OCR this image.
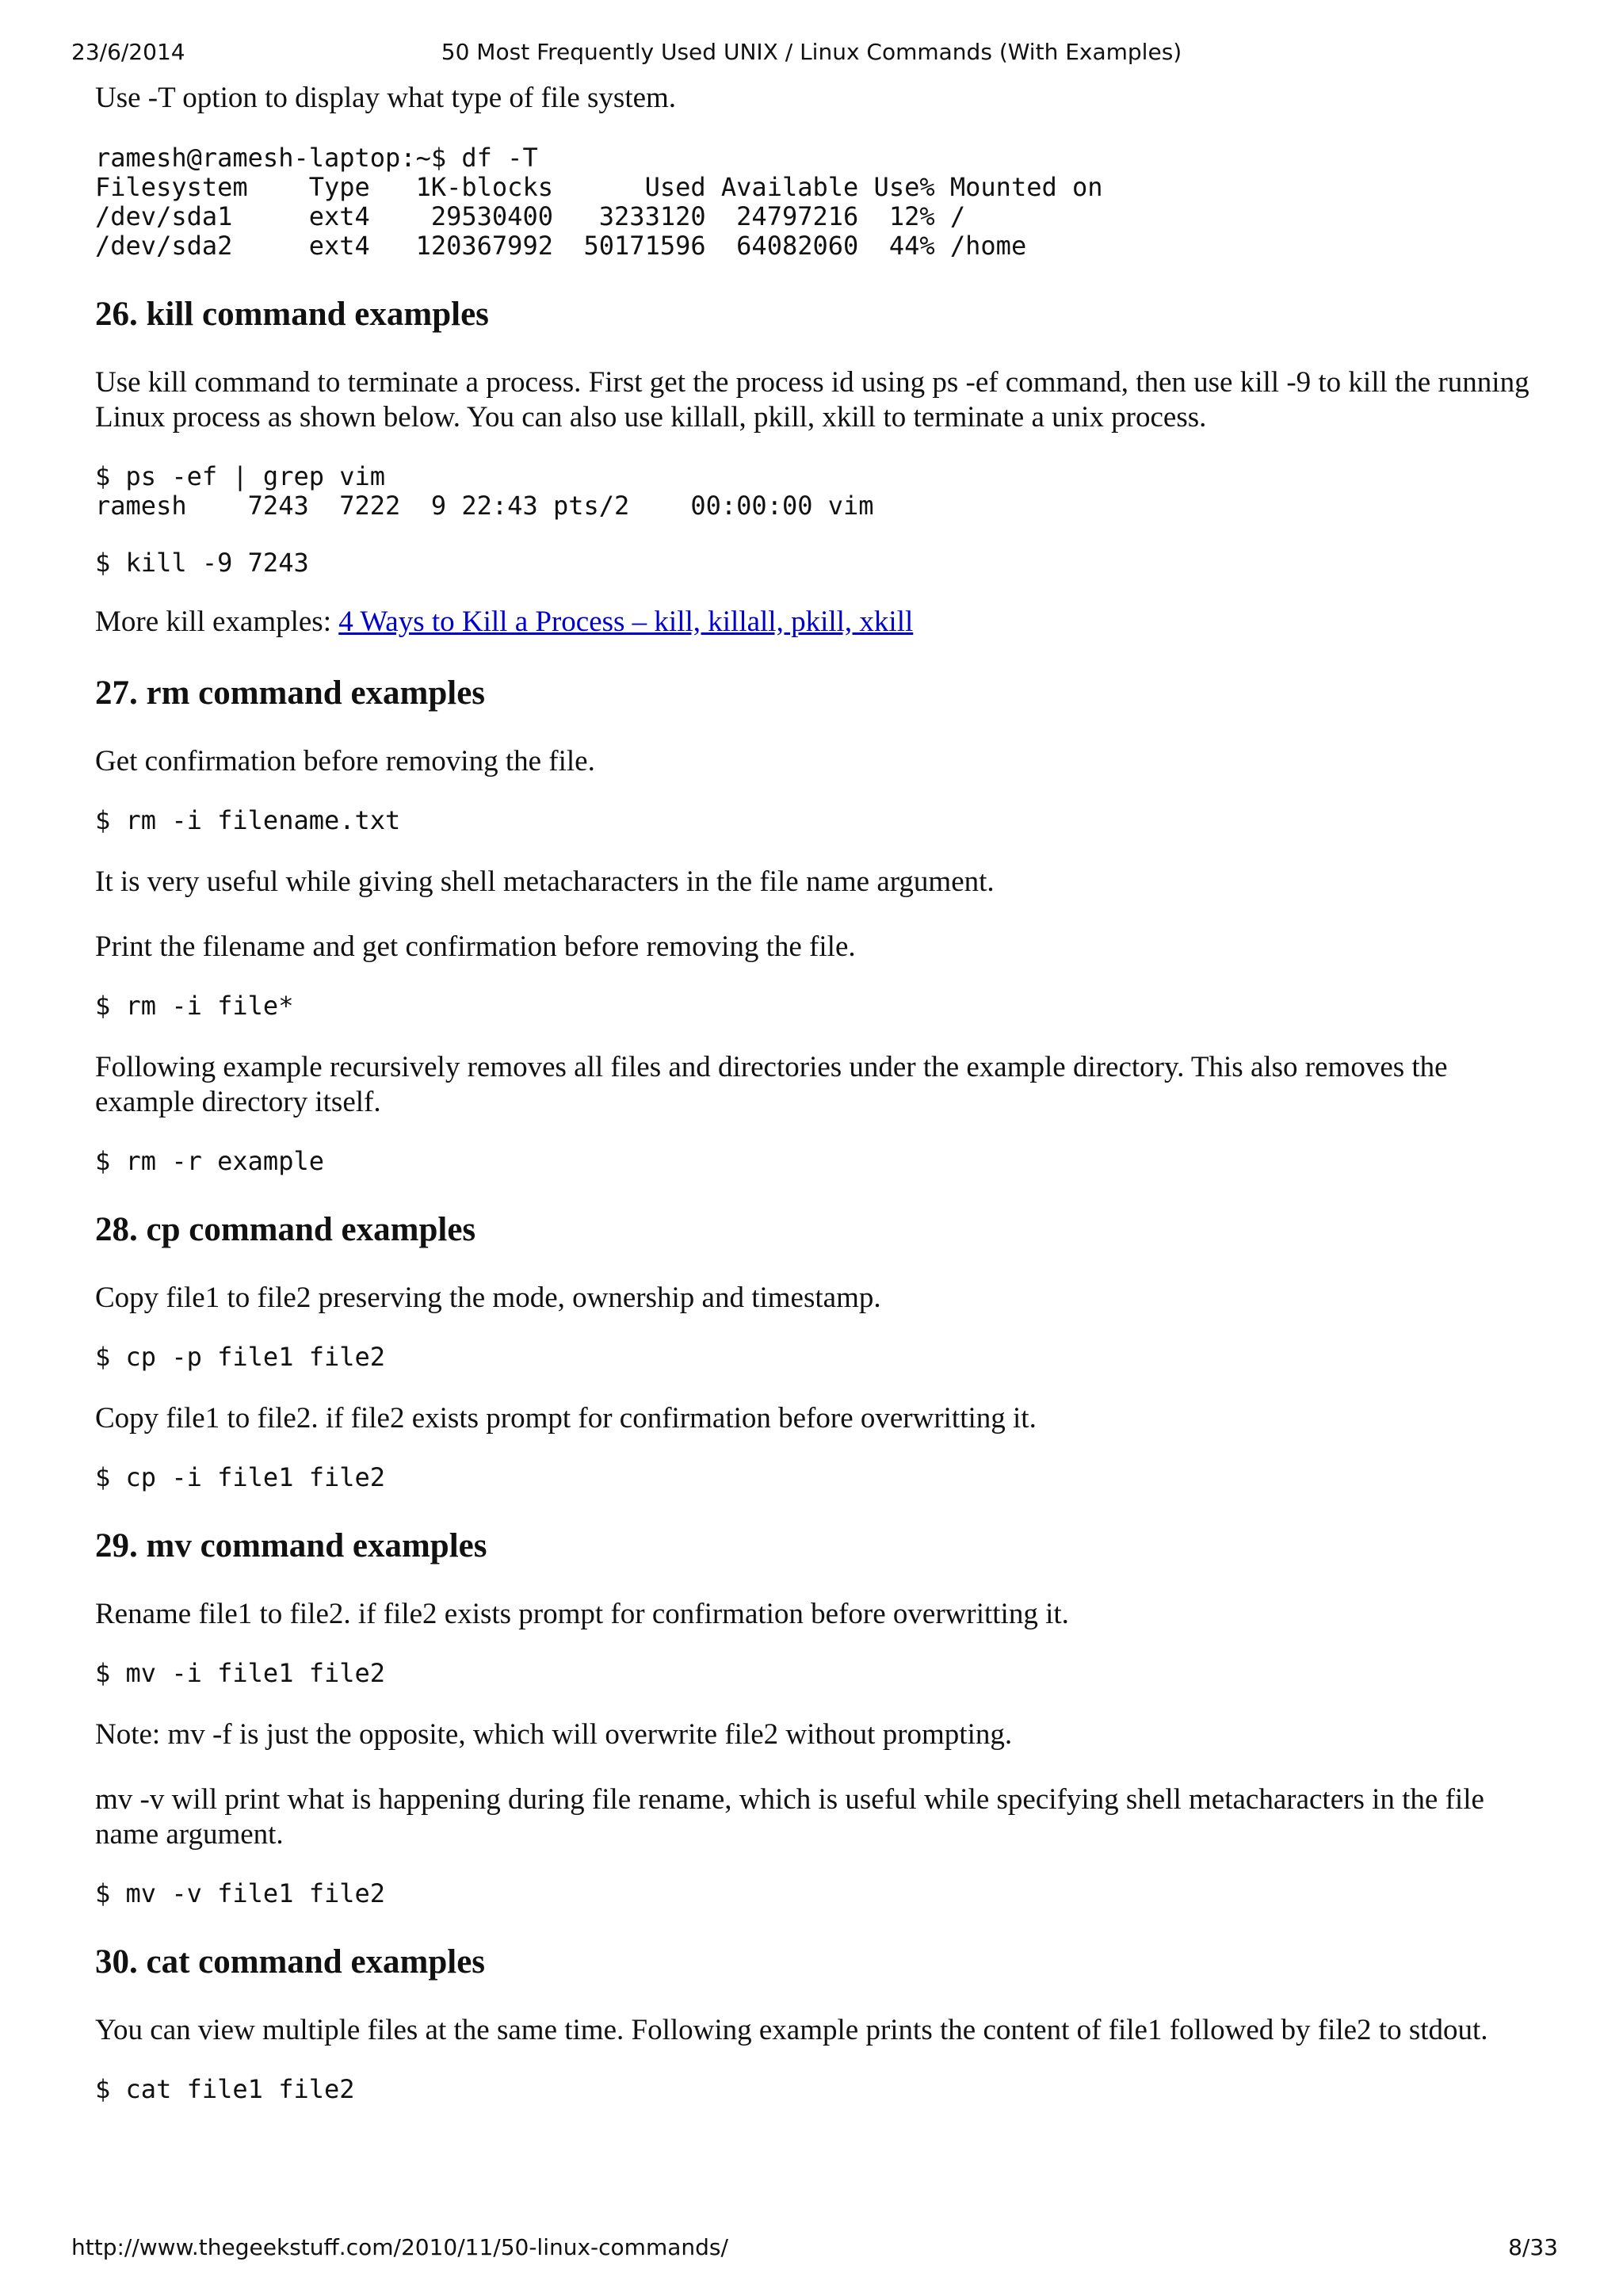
23/6/2014	50 Most Frequently Used UNIX / Linux Commands (With Examples)

Use -T option to display what type of file system.

ramesh@ramesh-laptop:~$ df -T
Filesystem    Type   1K-blocks      Used Available Use% Mounted on
/dev/sda1     ext4    29530400   3233120  24797216  12% /
/dev/sda2     ext4   120367992  50171596  64082060  44% /home
26. kill command examples

Use kill command to terminate a process. First get the process id using ps -ef command, then use kill -9 to kill the running Linux process as shown below. You can also use killall, pkill, xkill to terminate a unix process.

$ ps -ef | grep vim
ramesh    7243  7222  9 22:43 pts/2    00:00:00 vim
$ kill -9 7243

More kill examples: 4 Ways to Kill a Process – kill, killall, pkill, xkill

27. rm command examples

Get confirmation before removing the file.

$ rm -i filename.txt

It is very useful while giving shell metacharacters in the file name argument.

Print the filename and get confirmation before removing the file.

$ rm -i file*

Following example recursively removes all files and directories under the example directory. This also removes the example directory itself.

$ rm -r example
28. cp command examples

Copy file1 to file2 preserving the mode, ownership and timestamp.

$ cp -p file1 file2

Copy file1 to file2. if file2 exists prompt for confirmation before overwritting it.

$ cp -i file1 file2
29. mv command examples

Rename file1 to file2. if file2 exists prompt for confirmation before overwritting it.

$ mv -i file1 file2

Note: mv -f is just the opposite, which will overwrite file2 without prompting.

mv -v will print what is happening during file rename, which is useful while specifying shell metacharacters in the file name argument.

$ mv -v file1 file2
30. cat command examples

You can view multiple files at the same time. Following example prints the content of file1 followed by file2 to stdout.

$ cat file1 file2
http://www.thegeekstuff.com/2010/11/50-linux-commands/	8/33
